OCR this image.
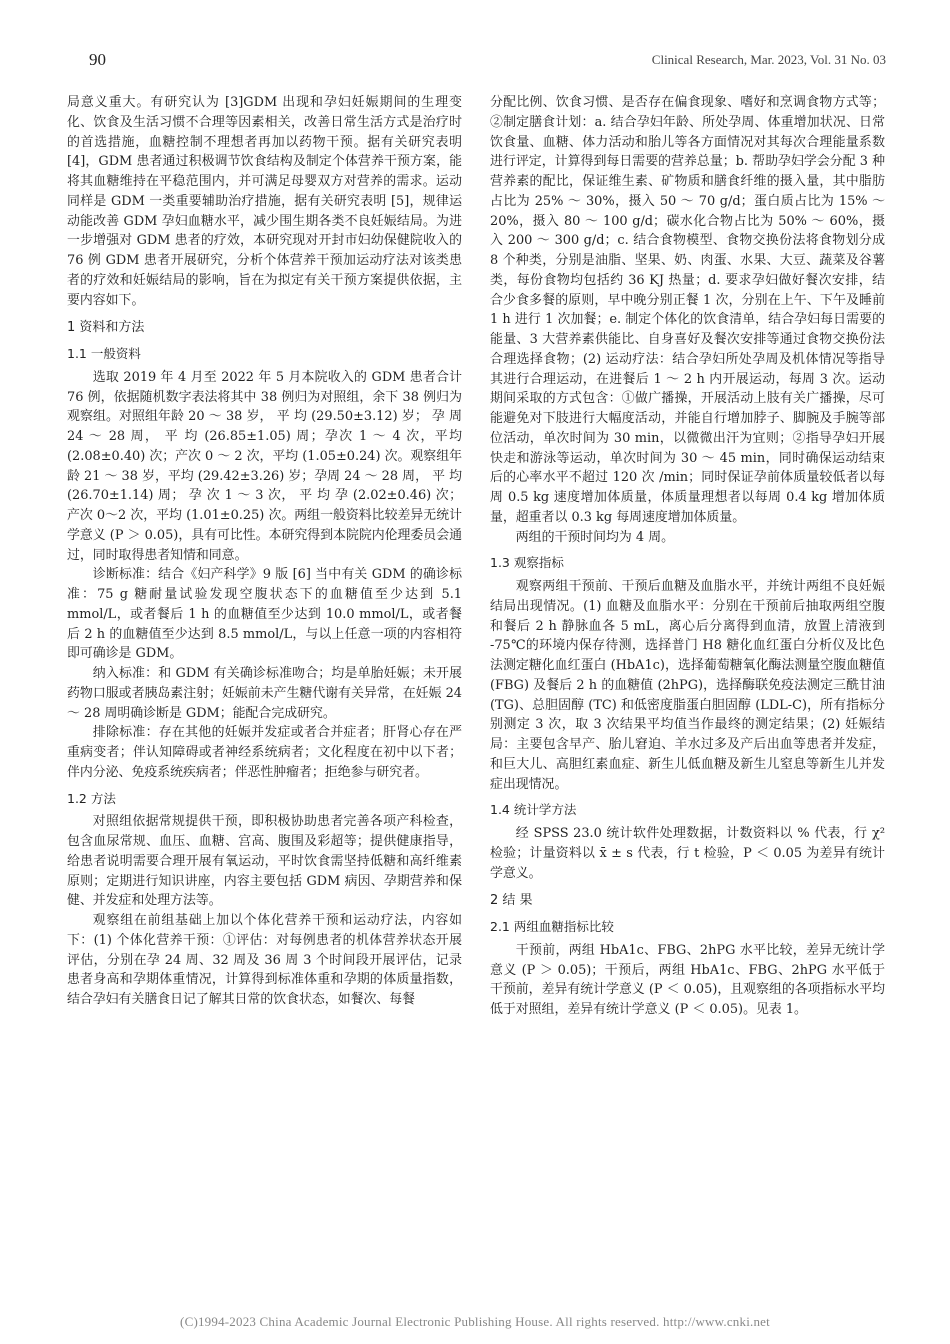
90	Clinical Research, Mar. 2023, Vol. 31 No. 03

局意义重大。有研究认为 [3]GDM 出现和孕妇妊娠期间的生理变化、饮食及生活习惯不合理等因素相关，改善日常生活方式是治疗时的首选措施，血糖控制不理想者再加以药物干预。据有关研究表明 [4]，GDM 患者通过积极调节饮食结构及制定个体营养干预方案，能将其血糖维持在平稳范围内，并可满足母婴双方对营养的需求。运动同样是 GDM 一类重要辅助治疗措施，据有关研究表明 [5]，规律运动能改善 GDM 孕妇血糖水平，减少围生期各类不良妊娠结局。为进一步增强对 GDM 患者的疗效，本研究现对开封市妇幼保健院收入的 76 例 GDM 患者开展研究，分析个体营养干预加运动疗法对该类患者的疗效和妊娠结局的影响，旨在为拟定有关干预方案提供依据，主要内容如下。

1 资料和方法
1.1 一般资料

选取 2019 年 4 月至 2022 年 5 月本院收入的 GDM 患者合计 76 例，依据随机数字表法将其中 38 例归为对照组，余下 38 例归为观察组。对照组年龄 20 ～ 38 岁， 平 均 (29.50±3.12) 岁； 孕 周 24 ～ 28 周， 平 均 (26.85±1.05) 周；孕次 1 ～ 4 次，平均 (2.08±0.40) 次；产次 0 ～ 2 次，平均 (1.05±0.24) 次。观察组年龄 21 ～ 38 岁，平均 (29.42±3.26) 岁；孕周 24 ～ 28 周， 平 均 (26.70±1.14) 周； 孕 次 1 ～ 3 次， 平 均 孕 (2.02±0.46) 次；产次 0～2 次，平均 (1.01±0.25) 次。两组一般资料比较差异无统计学意义 (P ＞ 0.05)，具有可比性。本研究得到本院院内伦理委员会通过，同时取得患者知情和同意。

诊断标准：结合《妇产科学》9 版 [6] 当中有关 GDM 的确诊标准：75 g 糖耐量试验发现空腹状态下的血糖值至少达到 5.1 mmol/L，或者餐后 1 h 的血糖值至少达到 10.0 mmol/L，或者餐后 2 h 的血糖值至少达到 8.5 mmol/L，与以上任意一项的内容相符即可确诊是 GDM。

纳入标准：和 GDM 有关确诊标准吻合；均是单胎妊娠；未开展药物口服或者胰岛素注射；妊娠前未产生糖代谢有关异常，在妊娠 24 ～ 28 周明确诊断是 GDM；能配合完成研究。

排除标准：存在其他的妊娠并发症或者合并症者；肝肾心存在严重病变者；伴认知障碍或者神经系统病者；文化程度在初中以下者；伴内分泌、免疫系统疾病者；伴恶性肿瘤者；拒绝参与研究者。

1.2 方法

对照组依据常规提供干预，即积极协助患者完善各项产科检查，包含血尿常规、血压、血糖、宫高、腹围及彩超等；提供健康指导，给患者说明需要合理开展有氧运动，平时饮食需坚持低糖和高纤维素原则；定期进行知识讲座，内容主要包括 GDM 病因、孕期营养和保健、并发症和处理方法等。

观察组在前组基础上加以个体化营养干预和运动疗法，内容如下：(1) 个体化营养干预：①评估：对每例患者的机体营养状态开展评估，分别在孕 24 周、32 周及 36 周 3 个时间段开展评估，记录患者身高和孕期体重情况，计算得到标准体重和孕期的体质量指数，结合孕妇有关膳食日记了解其日常的饮食状态，如餐次、每餐

分配比例、饮食习惯、是否存在偏食现象、嗜好和烹调食物方式等；②制定膳食计划：a. 结合孕妇年龄、所处孕周、体重增加状况、日常饮食量、血糖、体力活动和胎儿等各方面情况对其每次合理能量系数进行评定，计算得到每日需要的营养总量；b. 帮助孕妇学会分配 3 种营养素的配比，保证维生素、矿物质和膳食纤维的摄入量，其中脂肪占比为 25% ～ 30%，摄入 50 ～ 70 g/d；蛋白质占比为 15% ～ 20%，摄入 80 ～ 100 g/d；碳水化合物占比为 50% ～ 60%，摄入 200 ～ 300 g/d；c. 结合食物模型、食物交换份法将食物划分成 8 个种类，分别是油脂、坚果、奶、肉蛋、水果、大豆、蔬菜及谷薯类，每份食物均包括约 36 KJ 热量；d. 要求孕妇做好餐次安排，结合少食多餐的原则，早中晚分别正餐 1 次，分别在上午、下午及睡前 1 h 进行 1 次加餐；e. 制定个体化的饮食清单，结合孕妇每日需要的能量、3 大营养素供能比、自身喜好及餐次安排等通过食物交换份法合理选择食物；(2) 运动疗法：结合孕妇所处孕周及机体情况等指导其进行合理运动，在进餐后 1 ～ 2 h 内开展运动，每周 3 次。运动期间采取的方式包含：①做广播操，开展活动上肢有关广播操，尽可能避免对下肢进行大幅度活动，并能自行增加脖子、脚腕及手腕等部位活动，单次时间为 30 min，以微微出汗为宜则；②指导孕妇开展快走和游泳等运动，单次时间为 30 ～ 45 min，同时确保运动结束后的心率水平不超过 120 次 /min；同时保证孕前体质量较低者以每周 0.5 kg 速度增加体质量，体质量理想者以每周 0.4 kg 增加体质量，超重者以 0.3 kg 每周速度增加体质量。

两组的干预时间均为 4 周。

1.3 观察指标

观察两组干预前、干预后血糖及血脂水平，并统计两组不良妊娠结局出现情况。(1) 血糖及血脂水平：分别在干预前后抽取两组空腹和餐后 2 h 静脉血各 5 mL，离心后分离得到血清，放置上清液到 -75℃的环境内保存待测，选择普门 H8 糖化血红蛋白分析仪及比色法测定糖化血红蛋白 (HbA1c)，选择葡萄糖氧化酶法测量空腹血糖值 (FBG) 及餐后 2 h 的血糖值 (2hPG)，选择酶联免疫法测定三酰甘油 (TG)、总胆固醇 (TC) 和低密度脂蛋白胆固醇 (LDL-C)，所有指标分别测定 3 次，取 3 次结果平均值当作最终的测定结果；(2) 妊娠结局：主要包含早产、胎儿窘迫、羊水过多及产后出血等患者并发症，和巨大儿、高胆红素血症、新生儿低血糖及新生儿窒息等新生儿并发症出现情况。

1.4 统计学方法

经 SPSS 23.0 统计软件处理数据，计数资料以 % 代表，行 χ² 检验；计量资料以 x̄ ± s 代表，行 t 检验，P ＜ 0.05 为差异有统计学意义。

2 结 果
2.1 两组血糖指标比较

干预前，两组 HbA1c、FBG、2hPG 水平比较，差异无统计学意义 (P ＞ 0.05)；干预后，两组 HbA1c、FBG、2hPG 水平低于干预前，差异有统计学意义 (P ＜ 0.05)，且观察组的各项指标水平均低于对照组，差异有统计学意义 (P ＜ 0.05)。见表 1。

(C)1994-2023 China Academic Journal Electronic Publishing House. All rights reserved. http://www.cnki.net
